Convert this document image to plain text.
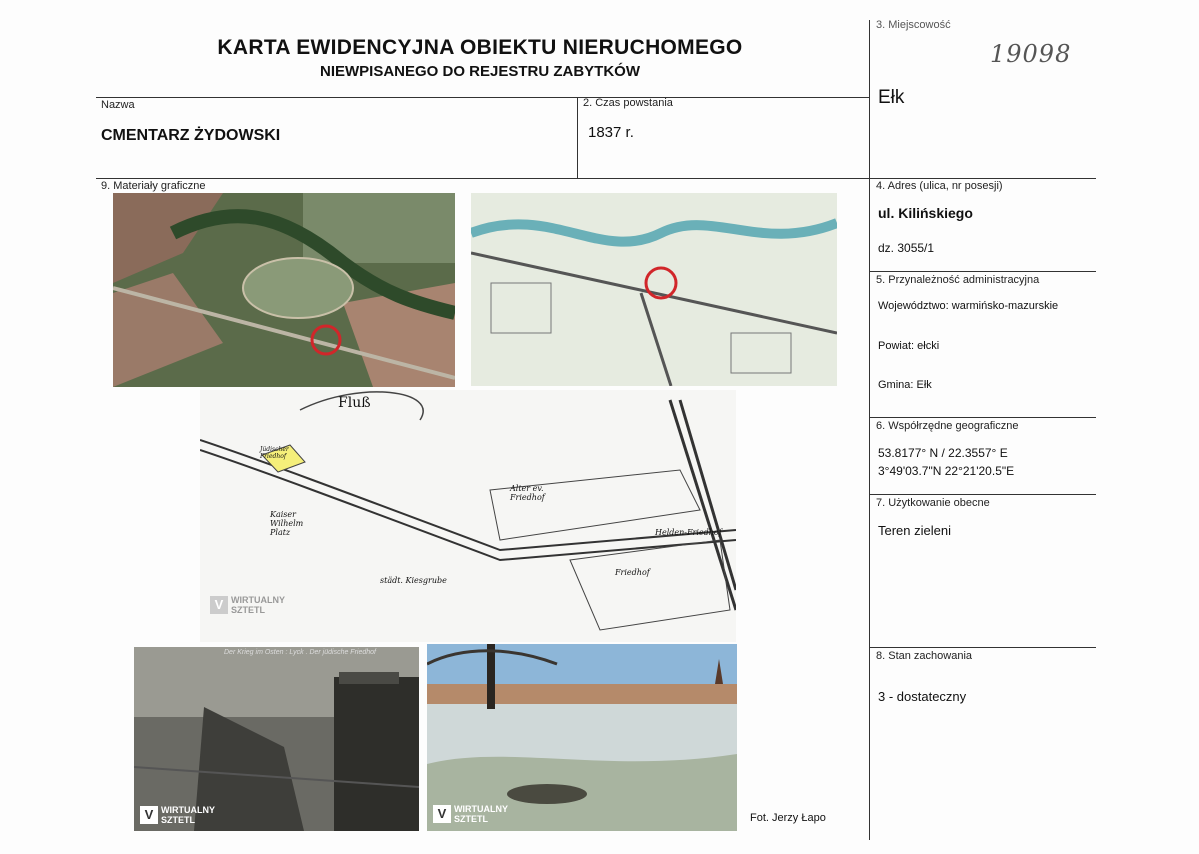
KARTA EWIDENCYJNA OBIEKTU NIERUCHOMEGO
NIEWPISANEGO DO REJESTRU ZABYTKÓW
19098
3. Miejscowość
Ełk
Nazwa
CMENTARZ ŻYDOWSKI
2. Czas powstania
1837 r.
9. Materiały graficzne	4. Adres (ulica, nr posesji)
ul. Kilińskiego
dz. 3055/1
5. Przynależność administracyjna
Województwo: warmińsko-mazurskie
Powiat: ełcki
Gmina: Ełk
6. Współrzędne geograficzne
53.8177° N / 22.3557° E
3°49'03.7"N 22°21'20.5"E
7. Użytkowanie obecne
Teren zieleni
8. Stan zachowania
3 - dostateczny
Fluß
Alter ev. Friedhof
Helden-Friedhof
Jüdischer Friedhof
Kaiser Wilhelm Platz
städt. Kiesgrube
Friedhof
V WIRTUALNY
SZTETL
Der Krieg im Osten : Lyck . Der jüdische Friedhof
V WIRTUALNY
SZTETL	V WIRTUALNY
SZTETL	Fot. Jerzy Łapo
